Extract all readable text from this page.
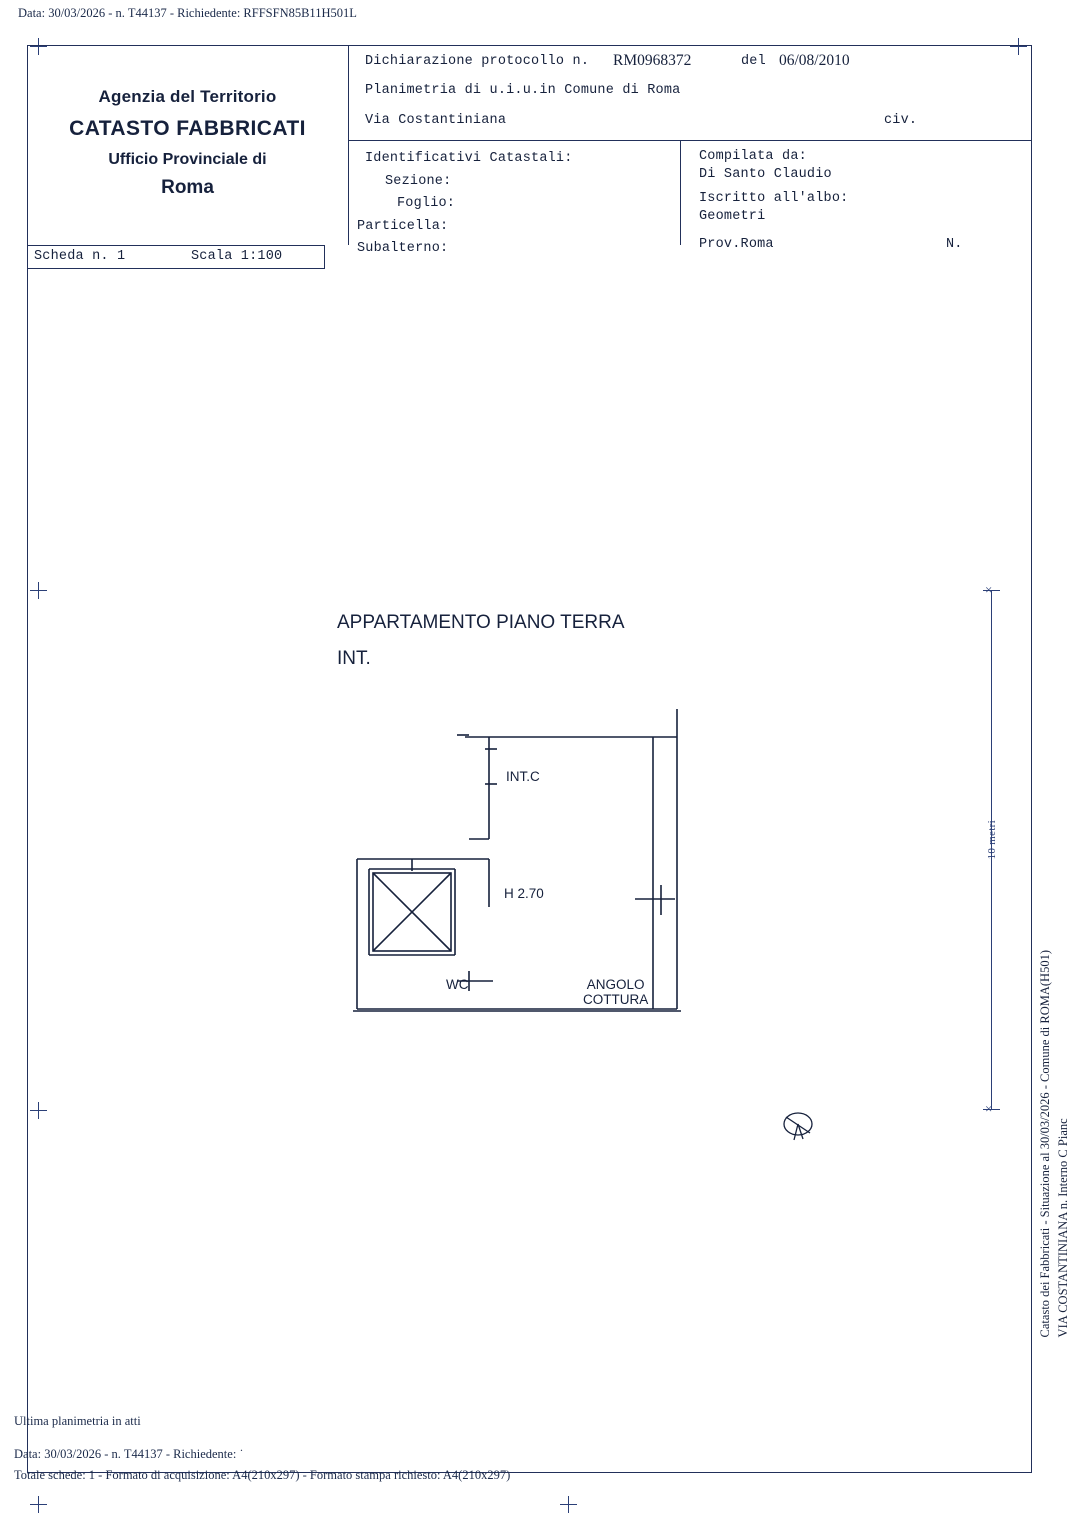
Data: 30/03/2026 - n. T44137 - Richiedente: RFFSFN85B11H501L
Agenzia del Territorio
CATASTO FABBRICATI
Ufficio Provinciale di
Roma
Dichiarazione protocollo n. RM0968372	del 06/08/2010
Planimetria di u.i.u.in Comune di Roma
Via Costantiniana	civ.
Identificativi Catastali:
Sezione:
Foglio:
Particella:
Subalterno:
Compilata da:
Di Santo Claudio
Iscritto all'albo:
Geometri
Prov.Roma	N.
Scheda n. 1	Scala 1:100
APPARTAMENTO PIANO TERRA
INT.
INT.C
H 2.70
WC	ANGOLO
COTTURA
×
×
10 metri
Catasto dei Fabbricati - Situazione al 30/03/2026 - Comune di ROMA(H501) VIA COSTANTINIANA n. Interno C Pianc
Ultima planimetria in atti
Data: 30/03/2026 - n. T44137 - Richiedente: ˙
Totale schede: 1 - Formato di acquisizione: A4(210x297) - Formato stampa richiesto: A4(210x297)
